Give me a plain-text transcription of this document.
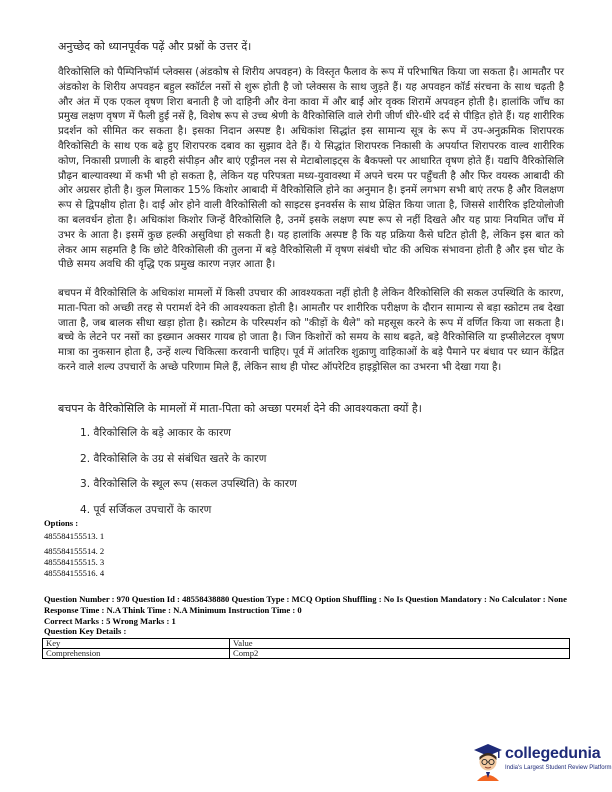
अनुच्छेद को ध्यानपूर्वक पढ़ें और प्रश्नों के उत्तर दें।
वैरिकोसिलि को पैम्पिनिफॉर्म प्लेक्सस (अंडकोष से शिरीय अपवहन) के विस्तृत फैलाव के रूप में परिभाषित किया जा सकता है। आमतौर पर अंडकोश के शिरीय अपवहन बहुल स्कॉर्टल नसों से शुरू होती है जो प्लेक्सस के साथ जुड़ते हैं। यह अपवहन कॉर्ड संरचना के साथ चढ़ती है और अंत में एक एकल वृषण शिरा बनाती है जो दाहिनी और वेना कावा में और बाईं ओर वृक्क शिरामें अपवहन होती है। हालांकि जाँच का प्रमुख लक्षण वृषण में फैली हुई नसें है, विशेष रूप से उच्च श्रेणी के वैरिकोसिलि वाले रोगी जीर्ण धीरे-धीरे दर्द से पीड़ित होते हैं। यह शारीरिक प्रदर्शन को सीमित कर सकता है। इसका निदान अस्पष्ट है। अधिकांश सिद्धांत इस सामान्य सूत्र के रूप में उप-अनुक्रमिक शिरापरक वैरिकोसिटी के साथ एक बढ़े हुए शिरापरक दबाव का सुझाव देते हैं। ये सिद्धांत शिरापरक निकासी के अपर्याप्त शिरापरक वाल्व शारीरिक कोण, निकासी प्रणाली के बाहरी संपीड़न और बाएं एड्रीनल नस से मेटाबोलाइट्स के बैकफ्लो पर आधारित वृषण होते हैं। यद्यपि वैरिकोसिलि प्रौढ़न बाल्यावस्था में कभी भी हो सकता है, लेकिन यह परिपत्रता मध्य-युवावस्था में अपने चरम पर पहुँचती है और फिर वयस्क आबादी की ओर अग्रसर होती है। कुल मिलाकर 15% किशोर आबादी में वैरिकोसिलि होने का अनुमान है। इनमें लगभग सभी बाएं तरफ है और विलक्षण रूप से द्विपक्षीय होता है। दाईं ओर होने वाली वैरिकोसिली को साइटस इनवर्सस के साथ प्रेक्षित किया जाता है, जिससे शारीरिक इटियोलोजी का बलवर्धन होता है। अधिकांश किशोर जिन्हें वैरिकोसिलि है, उनमें इसके लक्षण स्पष्ट रूप से नहीं दिखते और यह प्रायः नियमित जाँच में उभर के आता है। इसमें कुछ हल्की असुविधा हो सकती है। यह हालांकि अस्पष्ट है कि यह प्रक्रिया कैसे घटित होती है, लेकिन इस बात को लेकर आम सहमति है कि छोटे वैरिकोसिली की तुलना में बड़े वैरिकोसिली में वृषण संबंधी चोट की अधिक संभावना होती है और इस चोट के पीछे समय अवधि की वृद्धि एक प्रमुख कारण नज़र आता है।
बचपन में वैरिकोसिलि के अधिकांश मामलों में किसी उपचार की आवश्यकता नहीं होती है लेकिन वैरिकोसिलि की सकल उपस्थिति के कारण, माता-पिता को अच्छी तरह से परामर्श देने की आवश्यकता होती है। आमतौर पर शारीरिक परीक्षण के दौरान सामान्य से बड़ा स्क्रोटम तब देखा जाता है, जब बालक सीधा खड़ा होता है। स्क्रोटम के परिस्पर्शन को "कीड़ों के थैले" को महसूस करने के रूप में वर्णित किया जा सकता है। बच्चे के लेटने पर नसों का इख्मान अक्सर गायब हो जाता है। जिन किशोरों को समय के साथ बढ़ते, बड़े वैरिकोसिलि या इप्सीलेटरल वृषण मात्रा का नुकसान होता है, उन्हें शल्य चिकित्सा करवानी चाहिए। पूर्व में आंतरिक शुक्राणु वाहिकाओं के बड़े पैमाने पर बंधाव पर ध्यान केंद्रित करने वाले शल्य उपचारों के अच्छे परिणाम मिले हैं, लेकिन साथ ही पोस्ट ऑपरेटिव हाइड्रोसिल का उभरना भी देखा गया है।
बचपन के वैरिकोसिलि के मामलों में माता-पिता को अच्छा परमर्श देने की आवश्यकता क्यों है।
1. वैरिकोसिलि के बड़े आकार के कारण
2. वैरिकोसिलि के उग्र से संबंधित खतरे के कारण
3. वैरिकोसिलि के स्थूल रूप (सकल उपस्थिति) के कारण
4. पूर्व सर्जिकल उपचारों के कारण
Options :
485584155513. 1
485584155514. 2
485584155515. 3
485584155516. 4
Question Number : 970 Question Id : 48558438880 Question Type : MCQ Option Shuffling : No Is Question Mandatory : No Calculator : None
Response Time : N.A Think Time : N.A Minimum Instruction Time : 0
Correct Marks : 5 Wrong Marks : 1
Question Key Details :
Key	Value
Comprehension	Comp2
collegedunia
India's Largest Student Review Platform
